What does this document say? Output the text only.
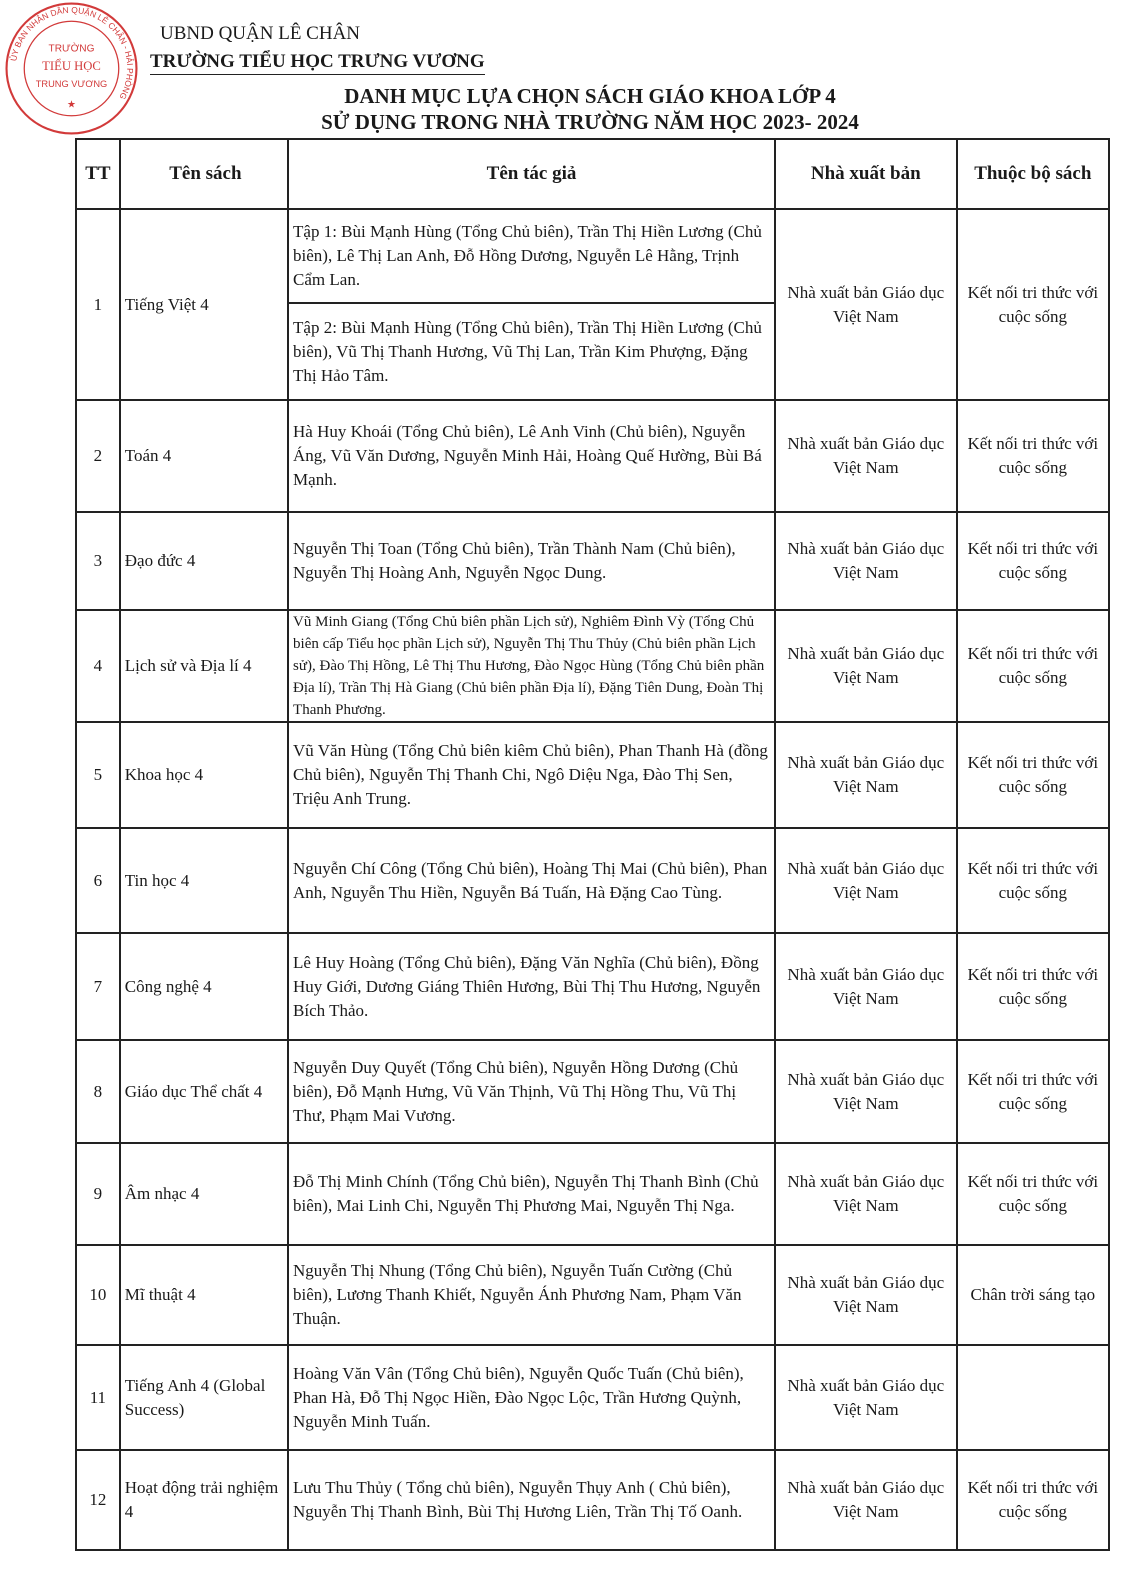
ỦY BAN NHÂN DÂN QUẬN LÊ CHÂN - HẢI PHÒNG
TRƯỜNG
TIỂU HỌC
TRUNG VƯƠNG
★
UBND QUẬN LÊ CHÂN
TRƯỜNG TIỂU HỌC TRƯNG VƯƠNG
DANH MỤC LỰA CHỌN SÁCH GIÁO KHOA LỚP 4
SỬ DỤNG TRONG NHÀ TRƯỜNG NĂM HỌC 2023- 2024
TT	Tên sách	Tên tác giả	Nhà xuất bản	Thuộc bộ sách
1	Tiếng Việt 4	Tập 1: Bùi Mạnh Hùng (Tổng Chủ biên), Trần Thị Hiền Lương (Chủ biên), Lê Thị Lan Anh, Đỗ Hồng Dương, Nguyễn Lê Hằng, Trịnh Cẩm Lan.	Nhà xuất bản Giáo dục Việt Nam	Kết nối tri thức với cuộc sống
		Tập 2: Bùi Mạnh Hùng (Tổng Chủ biên), Trần Thị Hiền Lương (Chủ biên), Vũ Thị Thanh Hương, Vũ Thị Lan, Trần Kim Phượng, Đặng Thị Hảo Tâm.		
2	Toán 4	Hà Huy Khoái (Tổng Chủ biên), Lê Anh Vinh (Chủ biên), Nguyễn Áng, Vũ Văn Dương, Nguyễn Minh Hải, Hoàng Quế Hường, Bùi Bá Mạnh.	Nhà xuất bản Giáo dục Việt Nam	Kết nối tri thức với cuộc sống
3	Đạo đức 4	Nguyễn Thị Toan (Tổng Chủ biên), Trần Thành Nam (Chủ biên), Nguyễn Thị Hoàng Anh, Nguyễn Ngọc Dung.	Nhà xuất bản Giáo dục Việt Nam	Kết nối tri thức với cuộc sống
4	Lịch sử và Địa lí 4	Vũ Minh Giang (Tổng Chủ biên phần Lịch sử), Nghiêm Đình Vỳ (Tổng Chủ biên cấp Tiểu học phần Lịch sử), Nguyễn Thị Thu Thủy (Chủ biên phần Lịch sử), Đào Thị Hồng, Lê Thị Thu Hương, Đào Ngọc Hùng (Tổng Chủ biên phần Địa lí), Trần Thị Hà Giang (Chủ biên phần Địa lí), Đặng Tiên Dung, Đoàn Thị Thanh Phương.	Nhà xuất bản Giáo dục Việt Nam	Kết nối tri thức với cuộc sống
5	Khoa học 4	Vũ Văn Hùng (Tổng Chủ biên kiêm Chủ biên), Phan Thanh Hà (đồng Chủ biên), Nguyễn Thị Thanh Chi, Ngô Diệu Nga, Đào Thị Sen, Triệu Anh Trung.	Nhà xuất bản Giáo dục Việt Nam	Kết nối tri thức với cuộc sống
6	Tin học 4	Nguyễn Chí Công (Tổng Chủ biên), Hoàng Thị Mai (Chủ biên), Phan Anh, Nguyễn Thu Hiền, Nguyễn Bá Tuấn, Hà Đặng Cao Tùng.	Nhà xuất bản Giáo dục Việt Nam	Kết nối tri thức với cuộc sống
7	Công nghệ 4	Lê Huy Hoàng (Tổng Chủ biên), Đặng Văn Nghĩa (Chủ biên), Đồng Huy Giới, Dương Giáng Thiên Hương, Bùi Thị Thu Hương, Nguyễn Bích Thảo.	Nhà xuất bản Giáo dục Việt Nam	Kết nối tri thức với cuộc sống
8	Giáo dục Thể chất 4	Nguyễn Duy Quyết (Tổng Chủ biên), Nguyễn Hồng Dương (Chủ biên), Đỗ Mạnh Hưng, Vũ Văn Thịnh, Vũ Thị Hồng Thu, Vũ Thị Thư, Phạm Mai Vương.	Nhà xuất bản Giáo dục Việt Nam	Kết nối tri thức với cuộc sống
9	Âm nhạc 4	Đỗ Thị Minh Chính (Tổng Chủ biên), Nguyễn Thị Thanh Bình (Chủ biên), Mai Linh Chi, Nguyễn Thị Phương Mai, Nguyễn Thị Nga.	Nhà xuất bản Giáo dục Việt Nam	Kết nối tri thức với cuộc sống
10	Mĩ thuật 4	Nguyễn Thị Nhung (Tổng Chủ biên), Nguyễn Tuấn Cường (Chủ biên), Lương Thanh Khiết, Nguyễn Ánh Phương Nam, Phạm Văn Thuận.	Nhà xuất bản Giáo dục Việt Nam	Chân trời sáng tạo
11	Tiếng Anh 4 (Global Success)	Hoàng Văn Vân (Tổng Chủ biên), Nguyễn Quốc Tuấn (Chủ biên), Phan Hà, Đỗ Thị Ngọc Hiền, Đào Ngọc Lộc, Trần Hương Quỳnh, Nguyễn Minh Tuấn.	Nhà xuất bản Giáo dục Việt Nam	
12	Hoạt động trải nghiệm 4	Lưu Thu Thủy ( Tổng chủ biên), Nguyễn Thụy Anh ( Chủ biên), Nguyễn Thị Thanh Bình, Bùi Thị Hương Liên, Trần Thị Tố Oanh.	Nhà xuất bản Giáo dục Việt Nam	Kết nối tri thức với cuộc sống
